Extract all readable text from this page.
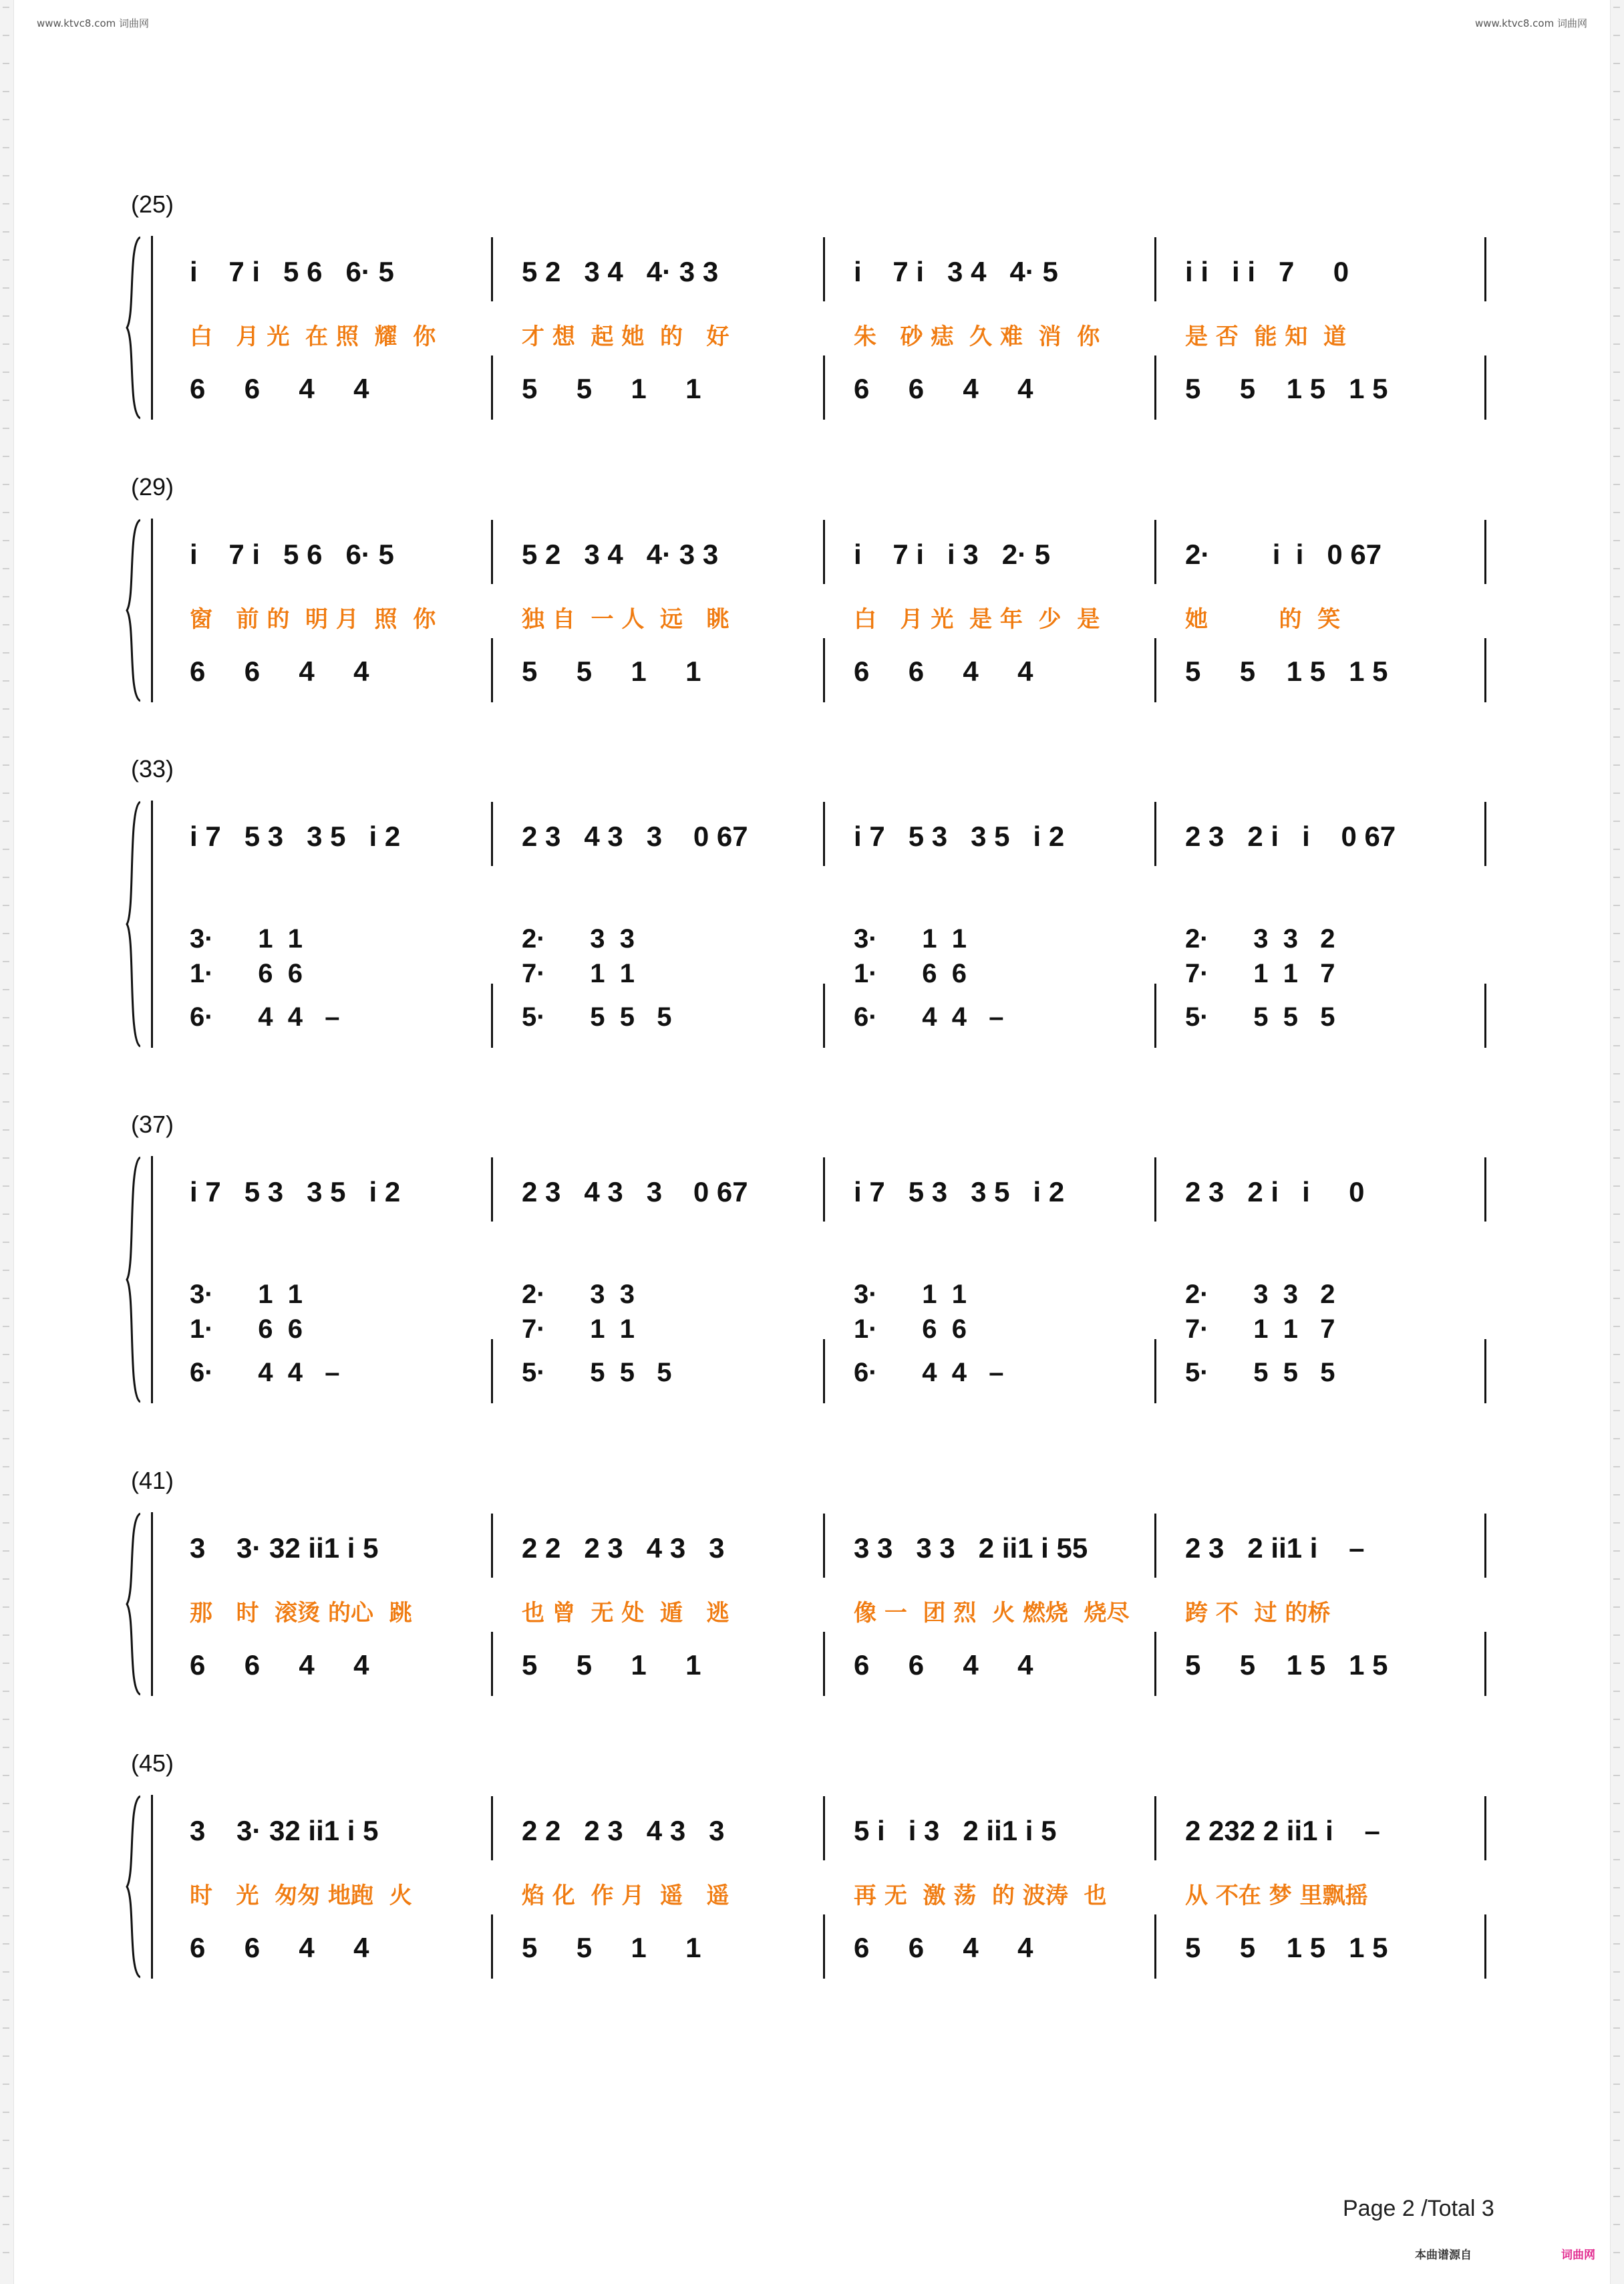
www.ktvc8.com 词曲网	www.ktvc8.com 词曲网
(25)
i    7 i   5 6   6· 5	5 2   3 4   4· 3 3	i    7 i   3 4   4· 5	i i   i i   7     0
白   月 光  在 照  耀  你	才 想  起 她  的   好	朱   砂 痣  久 难  消  你	是 否  能 知  道
6     6     4     4	5     5     1     1	6     6     4     4	5     5    1 5   1 5
(29)
i    7 i   5 6   6· 5	5 2   3 4   4· 3 3	i    7 i   i 3   2· 5	2·        i  i   0 67
窗   前 的  明 月  照  你	独 自  一 人  远   眺	白   月 光  是 年  少  是	她         的  笑
6     6     4     4	5     5     1     1	6     6     4     4	5     5    1 5   1 5
(33)
i 7   5 3   3 5   i 2	2 3   4 3   3    0 67	i 7   5 3   3 5   i 2	2 3   2 i   i    0 67
3·      1  1	2·      3  3	3·      1  1	2·      3  3   2
1·      6  6	7·      1  1	1·      6  6	7·      1  1   7
6·      4  4   –	5·      5  5   5	6·      4  4   –	5·      5  5   5
(37)
i 7   5 3   3 5   i 2	2 3   4 3   3    0 67	i 7   5 3   3 5   i 2	2 3   2 i   i     0
3·      1  1	2·      3  3	3·      1  1	2·      3  3   2
1·      6  6	7·      1  1	1·      6  6	7·      1  1   7
6·      4  4   –	5·      5  5   5	6·      4  4   –	5·      5  5   5
(41)
3    3· 32 ii1 i 5	2 2   2 3   4 3   3	3 3   3 3   2 ii1 i 55	2 3   2 ii1 i    –
那   时  滚烫 的心  跳	也 曾  无 处  遁   逃	像 一  团 烈  火 燃烧  烧尽	跨 不  过 的桥
6     6     4     4	5     5     1     1	6     6     4     4	5     5    1 5   1 5
(45)
3    3· 32 ii1 i 5	2 2   2 3   4 3   3	5 i   i 3   2 ii1 i 5	2 232 2 ii1 i    –
时   光  匆匆 地跑  火	焰 化  作 月  遥   遥	再 无  激 荡  的 波涛  也	从 不在 梦 里飘摇
6     6     4     4	5     5     1     1	6     6     4     4	5     5    1 5   1 5
Page 2 /Total 3
本曲谱源自	词曲网
